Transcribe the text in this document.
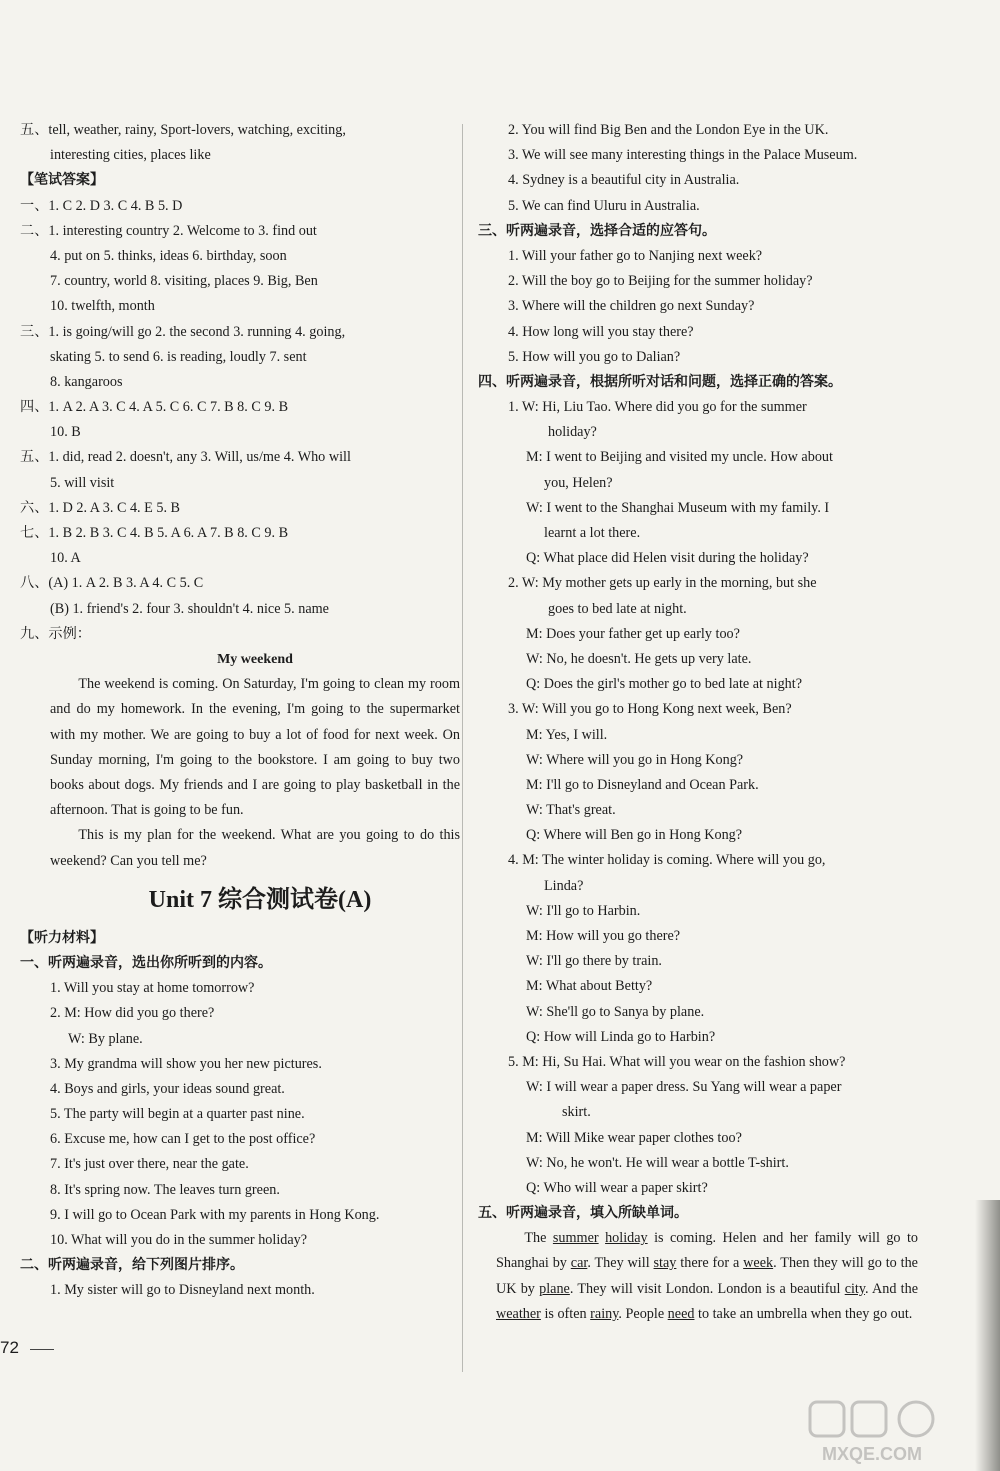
五、tell, weather, rainy, Sport-lovers, watching, exciting,
interesting cities, places like
【笔试答案】
一、1. C 2. D 3. C 4. B 5. D
二、1. interesting country 2. Welcome to 3. find out
4. put on 5. thinks, ideas 6. birthday, soon
7. country, world 8. visiting, places 9. Big, Ben
10. twelfth, month
三、1. is going/will go 2. the second 3. running 4. going,
skating 5. to send 6. is reading, loudly 7. sent
8. kangaroos
四、1. A 2. A 3. C 4. A 5. C 6. C 7. B 8. C 9. B
10. B
五、1. did, read 2. doesn't, any 3. Will, us/me 4. Who will
5. will visit
六、1. D 2. A 3. C 4. E 5. B
七、1. B 2. B 3. C 4. B 5. A 6. A 7. B 8. C 9. B
10. A
八、(A) 1. A 2. B 3. A 4. C 5. C
(B) 1. friend's 2. four 3. shouldn't 4. nice 5. name
九、示例：
My weekend

The weekend is coming. On Saturday, I'm going to clean my room and do my homework. In the evening, I'm going to the supermarket with my mother. We are going to buy a lot of food for next week. On Sunday morning, I'm going to the bookstore. I am going to buy two books about dogs. My friends and I are going to play basketball in the afternoon. That is going to be fun.

This is my plan for the weekend. What are you going to do this weekend? Can you tell me?

Unit 7 综合测试卷(A)
【听力材料】
一、听两遍录音，选出你所听到的内容。
1. Will you stay at home tomorrow?
2. M: How did you go there?
W: By plane.
3. My grandma will show you her new pictures.
4. Boys and girls, your ideas sound great.
5. The party will begin at a quarter past nine.
6. Excuse me, how can I get to the post office?
7. It's just over there, near the gate.
8. It's spring now. The leaves turn green.
9. I will go to Ocean Park with my parents in Hong Kong.
10. What will you do in the summer holiday?
二、听两遍录音，给下列图片排序。
1. My sister will go to Disneyland next month.
2. You will find Big Ben and the London Eye in the UK.
3. We will see many interesting things in the Palace Museum.
4. Sydney is a beautiful city in Australia.
5. We can find Uluru in Australia.
三、听两遍录音，选择合适的应答句。
1. Will your father go to Nanjing next week?
2. Will the boy go to Beijing for the summer holiday?
3. Where will the children go next Sunday?
4. How long will you stay there?
5. How will you go to Dalian?
四、听两遍录音，根据所听对话和问题，选择正确的答案。
1. W: Hi, Liu Tao. Where did you go for the summer
holiday?
M: I went to Beijing and visited my uncle. How about
you, Helen?
W: I went to the Shanghai Museum with my family. I
learnt a lot there.
Q: What place did Helen visit during the holiday?
2. W: My mother gets up early in the morning, but she
goes to bed late at night.
M: Does your father get up early too?
W: No, he doesn't. He gets up very late.
Q: Does the girl's mother go to bed late at night?
3. W: Will you go to Hong Kong next week, Ben?
M: Yes, I will.
W: Where will you go in Hong Kong?
M: I'll go to Disneyland and Ocean Park.
W: That's great.
Q: Where will Ben go in Hong Kong?
4. M: The winter holiday is coming. Where will you go,
Linda?
W: I'll go to Harbin.
M: How will you go there?
W: I'll go there by train.
M: What about Betty?
W: She'll go to Sanya by plane.
Q: How will Linda go to Harbin?
5. M: Hi, Su Hai. What will you wear on the fashion show?
W: I will wear a paper dress. Su Yang will wear a paper
skirt.
M: Will Mike wear paper clothes too?
W: No, he won't. He will wear a bottle T-shirt.
Q: Who will wear a paper skirt?
五、听两遍录音，填入所缺单词。
The summer holiday is coming. Helen and her family will go to Shanghai by car. They will stay there for a week. Then they will go to the UK by plane. They will visit London. London is a beautiful city. And the weather is often rainy. People need to take an umbrella when they go out.
72
MXQE.COM
